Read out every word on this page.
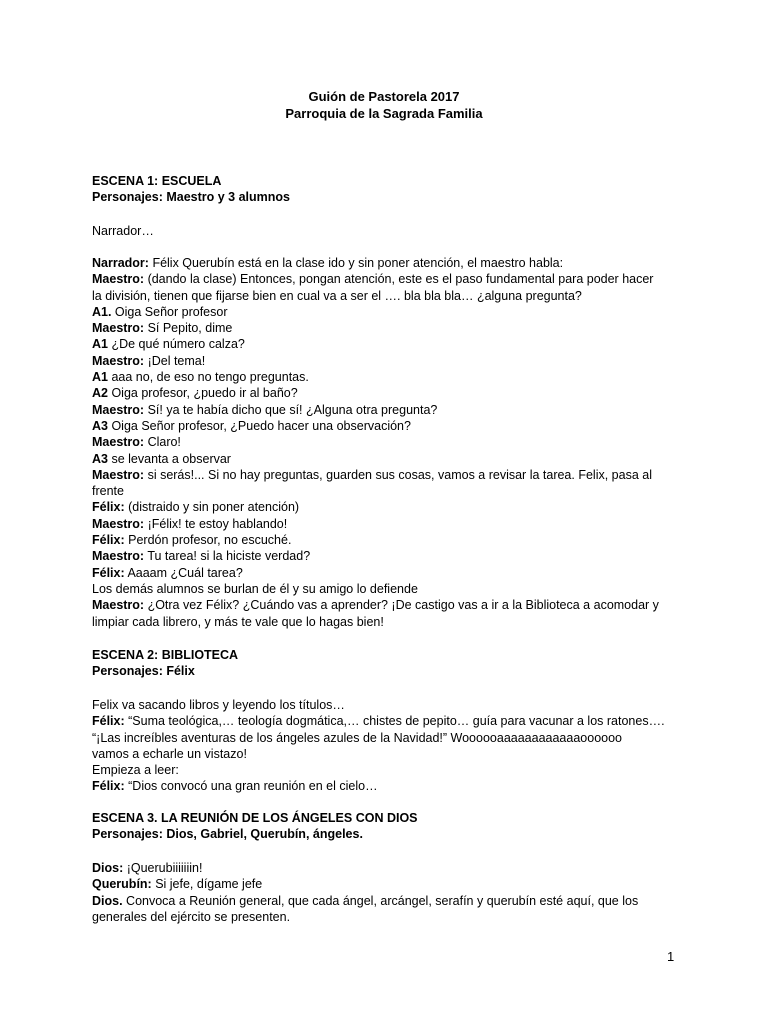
Guión de Pastorela 2017
Parroquia de la Sagrada Familia
ESCENA 1: ESCUELA
Personajes: Maestro y 3 alumnos
Narrador…
Narrador: Félix Querubín está en la clase ido y sin poner atención, el maestro habla:
Maestro: (dando la clase) Entonces, pongan atención, este es el paso fundamental para poder hacer
la división, tienen que fijarse bien en cual va a ser el …. bla bla bla… ¿alguna pregunta?
A1. Oiga Señor profesor
Maestro: Sí Pepito, dime
A1 ¿De qué número calza?
Maestro: ¡Del tema!
A1 aaa no, de eso no tengo preguntas.
A2 Oiga profesor, ¿puedo ir al baño?
Maestro: Sí! ya te había dicho que sí! ¿Alguna otra pregunta?
A3 Oiga Señor profesor, ¿Puedo hacer una observación?
Maestro: Claro!
A3 se levanta a observar
Maestro: si serás!... Si no hay preguntas, guarden sus cosas, vamos a revisar la tarea. Felix, pasa al
frente
Félix: (distraido y sin poner atención)
Maestro: ¡Félix! te estoy hablando!
Félix: Perdón profesor, no escuché.
Maestro: Tu tarea! si la hiciste verdad?
Félix: Aaaam ¿Cuál tarea?
Los demás alumnos se burlan de él y su amigo lo defiende
Maestro: ¿Otra vez Félix? ¿Cuándo vas a aprender? ¡De castigo vas a ir a la Biblioteca a acomodar y
limpiar cada librero, y más te vale que lo hagas bien!
ESCENA 2: BIBLIOTECA
Personajes: Félix
Felix va sacando libros y leyendo los títulos…
Félix: “Suma teológica,… teología dogmática,… chistes de pepito… guía para vacunar a los ratones….
“¡Las increíbles aventuras de los ángeles azules de la Navidad!” Woooooaaaaaaaaaaaaoooooo
vamos a echarle un vistazo!
Empieza a leer:
Félix: “Dios convocó una gran reunión en el cielo…
ESCENA 3. LA REUNIÓN DE LOS ÁNGELES CON DIOS
Personajes: Dios, Gabriel, Querubín, ángeles.
Dios: ¡Querubiiiiiiin!
Querubín: Si jefe, dígame jefe
Dios. Convoca a Reunión general, que cada ángel, arcángel, serafín y querubín esté aquí, que los
generales del ejército se presenten.
1
